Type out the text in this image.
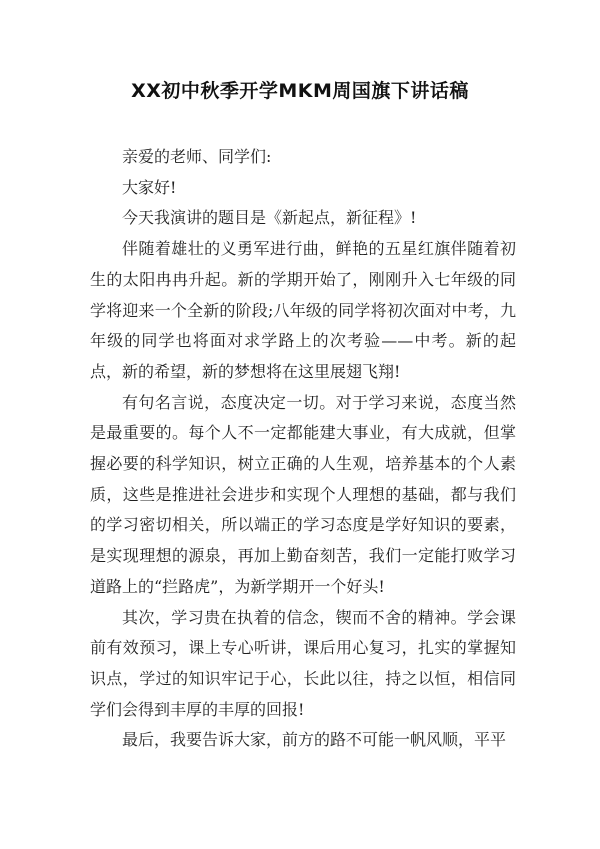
XX初中秋季开学MKM周国旗下讲话稿

亲爱的老师、同学们:

大家好!

今天我演讲的题目是《新起点，新征程》!

伴随着雄壮的义勇军进行曲，鲜艳的五星红旗伴随着初生的太阳冉冉升起。新的学期开始了，刚刚升入七年级的同学将迎来一个全新的阶段;八年级的同学将初次面对中考，九年级的同学也将面对求学路上的次考验——中考。新的起点，新的希望，新的梦想将在这里展翅飞翔!

有句名言说，态度决定一切。对于学习来说，态度当然是最重要的。每个人不一定都能建大事业，有大成就，但掌握必要的科学知识，树立正确的人生观，培养基本的个人素质，这些是推进社会进步和实现个人理想的基础，都与我们的学习密切相关，所以端正的学习态度是学好知识的要素，是实现理想的源泉，再加上勤奋刻苦，我们一定能打败学习道路上的“拦路虎”，为新学期开一个好头!

其次，学习贵在执着的信念，锲而不舍的精神。学会课前有效预习，课上专心听讲，课后用心复习，扎实的掌握知识点，学过的知识牢记于心，长此以往，持之以恒，相信同学们会得到丰厚的丰厚的回报!

最后，我要告诉大家，前方的路不可能一帆风顺，平平
